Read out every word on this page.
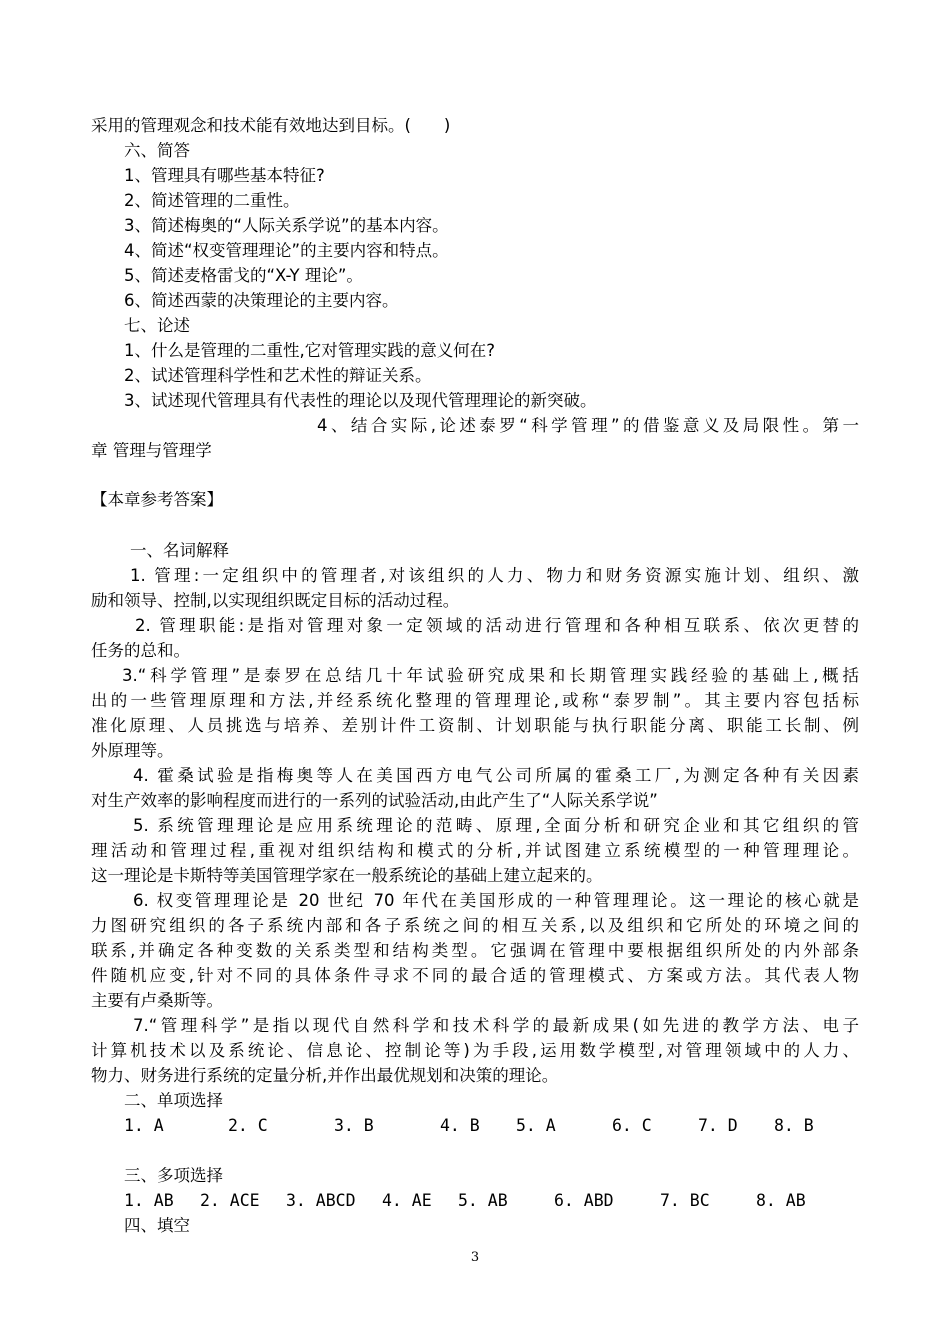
采用的管理观念和技术能有效地达到目标。(　　)
六、简答
1、管理具有哪些基本特征?
2、简述管理的二重性。
3、简述梅奥的“人际关系学说”的基本内容。
4、简述“权变管理理论”的主要内容和特点。
5、简述麦格雷戈的“X-Y 理论”。
6、简述西蒙的决策理论的主要内容。
七、论述
1、什么是管理的二重性,它对管理实践的意义何在?
2、试述管理科学性和艺术性的辩证关系。
3、试述现代管理具有代表性的理论以及现代管理理论的新突破。
4、结合实际,论述泰罗“科学管理”的借鉴意义及局限性。第一
章 管理与管理学
【本章参考答案】
一、名词解释
1. 管理:一定组织中的管理者,对该组织的人力、物力和财务资源实施计划、组织、激
励和领导、控制,以实现组织既定目标的活动过程。
2. 管理职能:是指对管理对象一定领域的活动进行管理和各种相互联系、依次更替的
任务的总和。
3.“科学管理”是泰罗在总结几十年试验研究成果和长期管理实践经验的基础上,概括
出的一些管理原理和方法,并经系统化整理的管理理论,或称“泰罗制”。其主要内容包括标
准化原理、人员挑选与培养、差别计件工资制、计划职能与执行职能分离、职能工长制、例
外原理等。
4. 霍桑试验是指梅奥等人在美国西方电气公司所属的霍桑工厂,为测定各种有关因素
对生产效率的影响程度而进行的一系列的试验活动,由此产生了“人际关系学说”
5. 系统管理理论是应用系统理论的范畴、原理,全面分析和研究企业和其它组织的管
理活动和管理过程,重视对组织结构和模式的分析,并试图建立系统模型的一种管理理论。
这一理论是卡斯特等美国管理学家在一般系统论的基础上建立起来的。
6. 权变管理理论是 20 世纪 70 年代在美国形成的一种管理理论。这一理论的核心就是
力图研究组织的各子系统内部和各子系统之间的相互关系,以及组织和它所处的环境之间的
联系,并确定各种变数的关系类型和结构类型。它强调在管理中要根据组织所处的内外部条
件随机应变,针对不同的具体条件寻求不同的最合适的管理模式、方案或方法。其代表人物
主要有卢桑斯等。
7.“管理科学”是指以现代自然科学和技术科学的最新成果(如先进的教学方法、电子
计算机技术以及系统论、信息论、控制论等)为手段,运用数学模型,对管理领域中的人力、
物力、财务进行系统的定量分析,并作出最优规划和决策的理论。
二、单项选择
1. A	2. C	3. B	4. B 5. A	6. C	7. D 8. B
三、多项选择
1. AB 2. ACE 3. ABCD 4. AE 5. AB	6. ABD	7. BC	8. AB
四、填空
3
